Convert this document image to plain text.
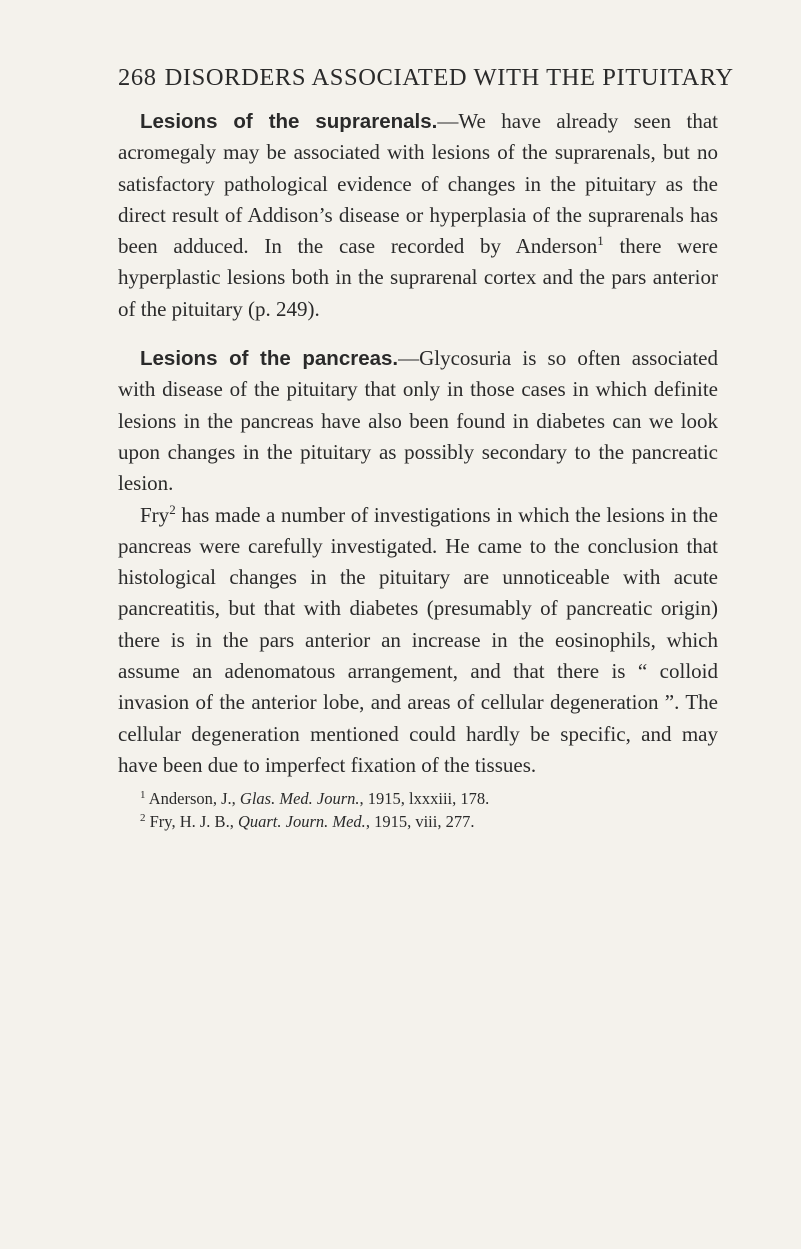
268 DISORDERS ASSOCIATED WITH THE PITUITARY

Lesions of the suprarenals.—We have already seen that acromegaly may be associated with lesions of the suprarenals, but no satisfactory pathological evidence of changes in the pituitary as the direct result of Addison’s disease or hyperplasia of the suprarenals has been adduced. In the case recorded by Anderson$^1$ there were hyperplastic lesions both in the suprarenal cortex and the pars anterior of the pituitary (p. 249).

Lesions of the pancreas.—Glycosuria is so often associated with disease of the pituitary that only in those cases in which definite lesions in the pancreas have also been found in diabetes can we look upon changes in the pituitary as possibly secondary to the pancreatic lesion.

Fry$^2$ has made a number of investigations in which the lesions in the pancreas were carefully investigated. He came to the conclusion that histological changes in the pituitary are unnoticeable with acute pancreatitis, but that with diabetes (presumably of pancreatic origin) there is in the pars anterior an increase in the eosinophils, which assume an adenomatous arrangement, and that there is “ colloid invasion of the anterior lobe, and areas of cellular degeneration ”. The cellular degeneration mentioned could hardly be specific, and may have been due to imperfect fixation of the tissues.

$^1$ Anderson, J., Glas. Med. Journ., 1915, lxxxiii, 178.

$^2$ Fry, H. J. B., Quart. Journ. Med., 1915, viii, 277.
